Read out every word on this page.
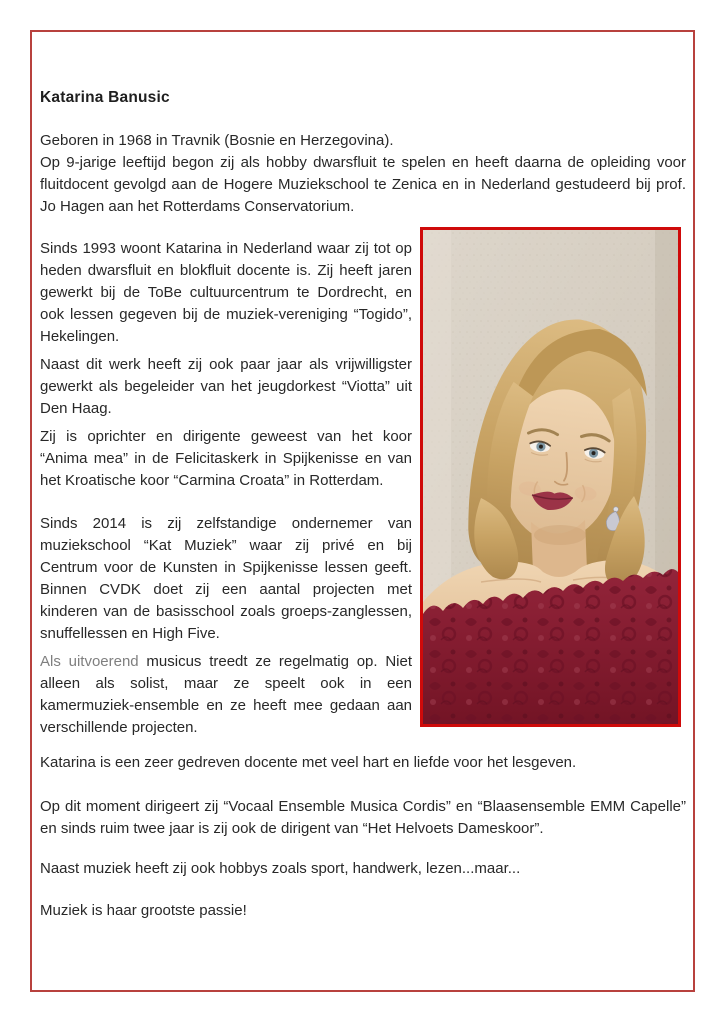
Katarina Banusic

Geboren in 1968 in Travnik (Bosnie en Herzegovina).
Op 9-jarige leeftijd begon zij als hobby dwarsfluit te spelen en heeft daarna de opleiding voor fluitdocent gevolgd aan de Hogere Muziekschool te Zenica en in Nederland gestudeerd bij prof. Jo Hagen aan het Rotterdams Conservatorium.

Sinds 1993 woont Katarina in Nederland waar zij tot op heden dwarsfluit en blokfluit docente is. Zij heeft jaren gewerkt bij de ToBe cultuurcentrum te Dordrecht, en ook lessen gegeven bij de muziek-vereniging “Togido”, Hekelingen.

Naast dit werk heeft zij ook paar jaar als vrijwilligster gewerkt als begeleider van het jeugdorkest “Viotta” uit Den Haag.

Zij is oprichter en dirigente geweest van het koor “Anima mea” in de Felicitaskerk in Spijkenisse en van het Kroatische koor “Carmina Croata” in Rotterdam.

Sinds 2014 is zij zelfstandige ondernemer van muziekschool “Kat Muziek” waar zij privé en bij Centrum voor de Kunsten in Spijkenisse lessen geeft. Binnen CVDK doet zij een aantal projecten met kinderen van de basisschool zoals groeps-zanglessen, snuffellessen en High Five.

Als uitvoerend musicus treedt ze regelmatig op. Niet alleen als solist, maar ze speelt ook in een kamermuziek-ensemble en ze heeft mee gedaan aan verschillende projecten.

Katarina is een zeer gedreven docente met veel hart en liefde voor het lesgeven.

Op dit moment dirigeert zij “Vocaal Ensemble Musica Cordis” en “Blaasensemble EMM Capelle” en sinds ruim twee jaar is zij ook de dirigent van “Het Helvoets Dameskoor”.

Naast muziek heeft zij ook hobbys zoals sport, handwerk, lezen...maar...

Muziek is haar grootste passie!
